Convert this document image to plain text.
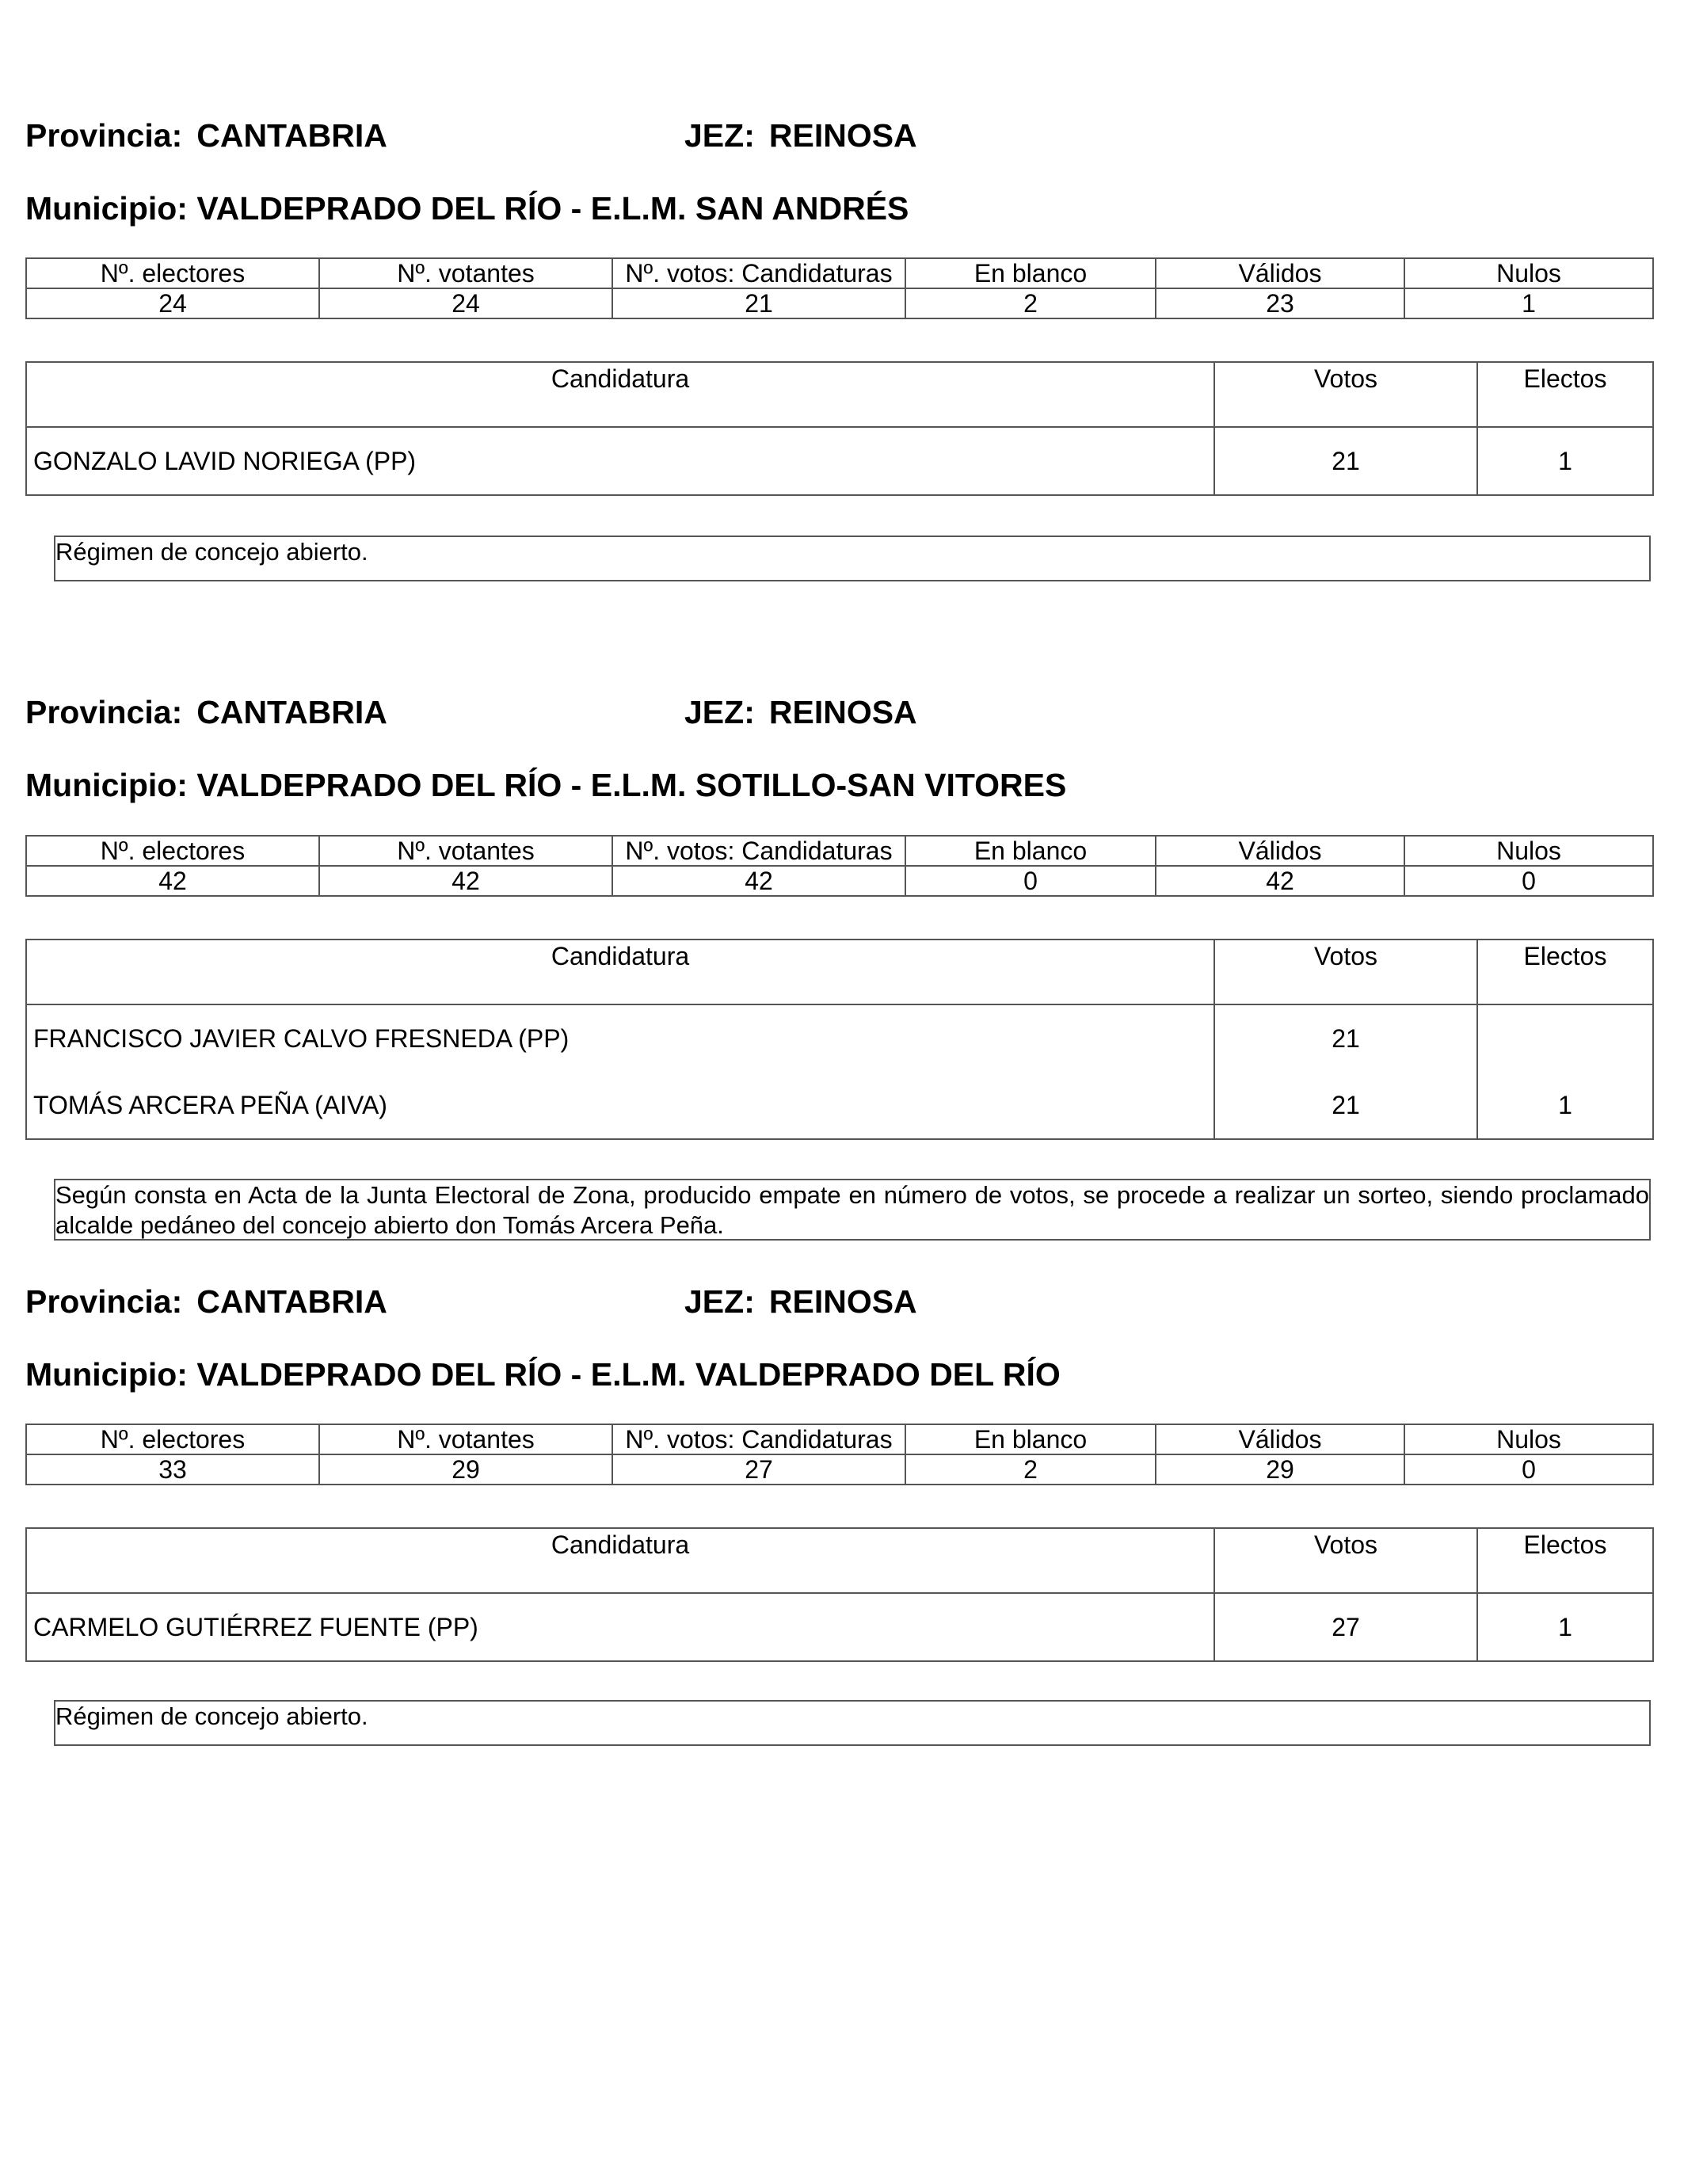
Provincia: CANTABRIA	JEZ: REINOSA
Municipio: VALDEPRADO DEL RÍO - E.L.M. SAN ANDRÉS
Nº. electores	Nº. votantes	Nº. votos: Candidaturas	En blanco	Válidos	Nulos
24	24	21	2	23	1
Candidatura	Votos	Electos
GONZALO LAVID NORIEGA (PP)	21	1
Régimen de concejo abierto.
Provincia: CANTABRIA	JEZ: REINOSA
Municipio: VALDEPRADO DEL RÍO - E.L.M. SOTILLO-SAN VITORES
Nº. electores	Nº. votantes	Nº. votos: Candidaturas	En blanco	Válidos	Nulos
42	42	42	0	42	0
Candidatura	Votos	Electos
FRANCISCO JAVIER CALVO FRESNEDA (PP)	21	
TOMÁS ARCERA PEÑA (AIVA)	21	1
Según consta en Acta de la Junta Electoral de Zona, producido empate en número de votos, se procede a realizar un sorteo, siendo proclamado alcalde pedáneo del concejo abierto don Tomás Arcera Peña.
Provincia: CANTABRIA	JEZ: REINOSA
Municipio: VALDEPRADO DEL RÍO - E.L.M. VALDEPRADO DEL RÍO
Nº. electores	Nº. votantes	Nº. votos: Candidaturas	En blanco	Válidos	Nulos
33	29	27	2	29	0
Candidatura	Votos	Electos
CARMELO GUTIÉRREZ FUENTE (PP)	27	1
Régimen de concejo abierto.
